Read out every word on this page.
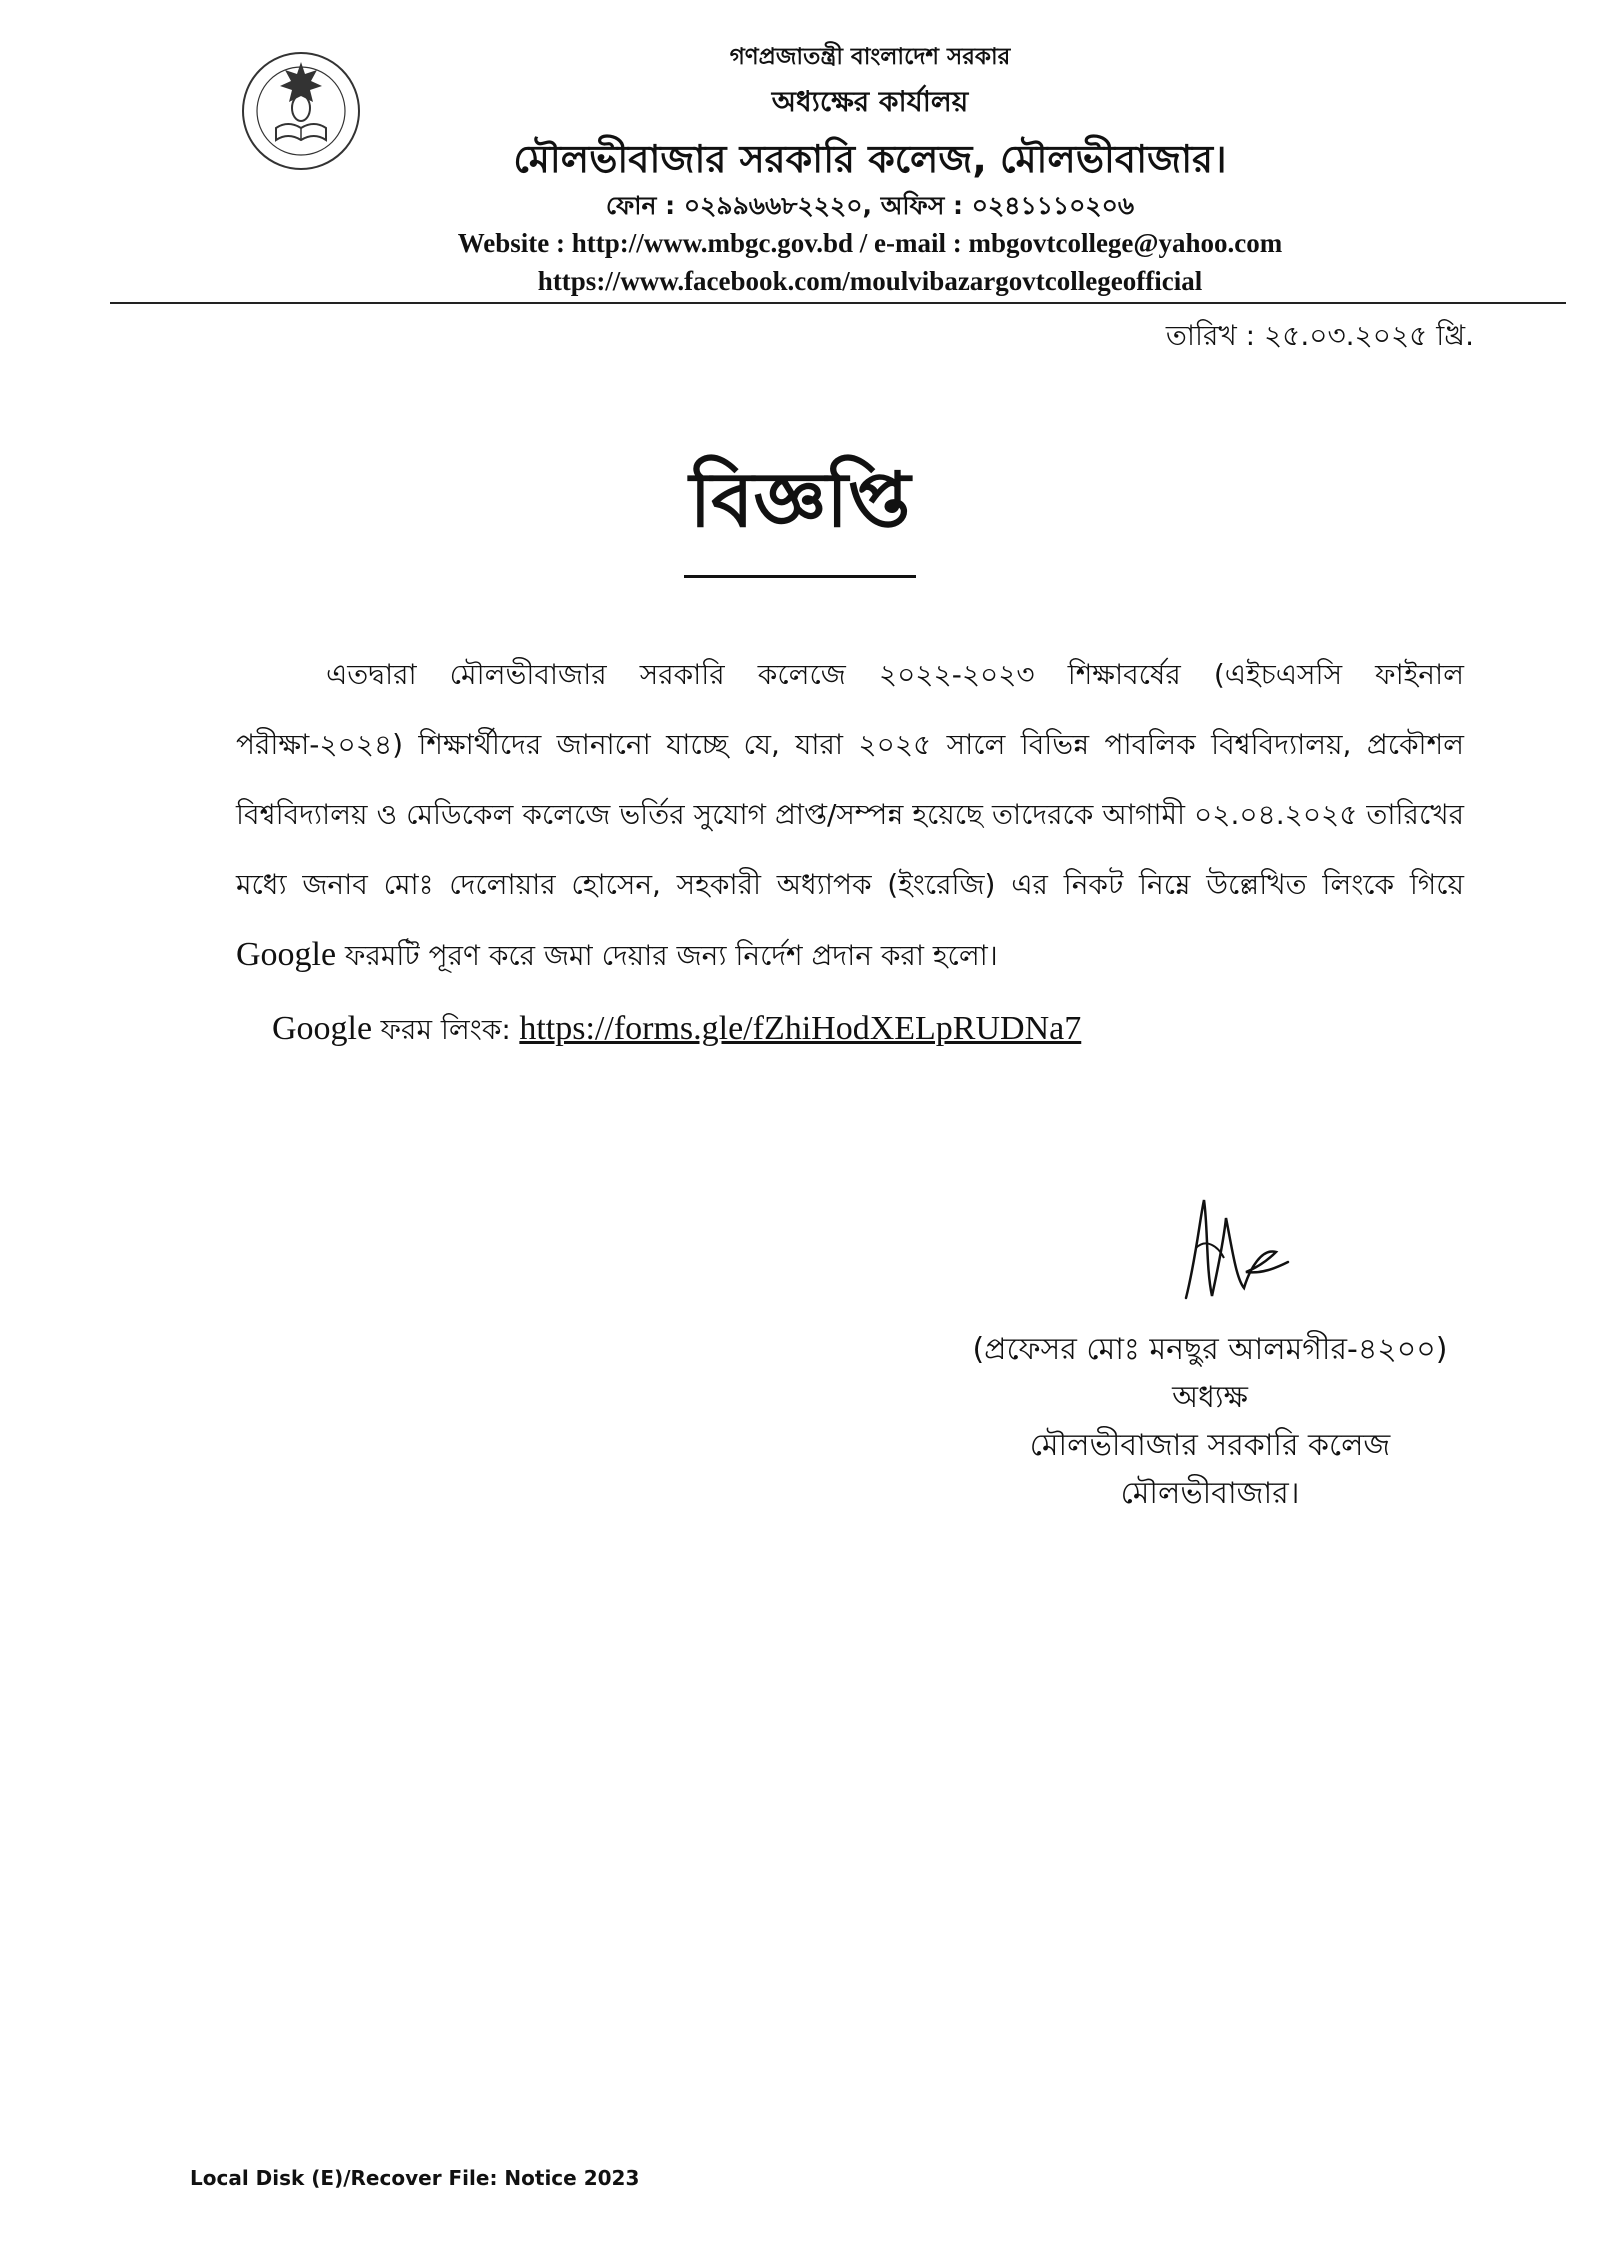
গণপ্রজাতন্ত্রী বাংলাদেশ সরকার
অধ্যক্ষের কার্যালয়
মৌলভীবাজার সরকারি কলেজ, মৌলভীবাজার।
ফোন : ০২৯৯৬৬৮২২২০, অফিস : ০২৪১১১০২০৬
Website : http://www.mbgc.gov.bd / e-mail : mbgovtcollege@yahoo.com
https://www.facebook.com/moulvibazargovtcollegeofficial
তারিখ : ২৫.০৩.২০২৫ খ্রি.
বিজ্ঞপ্তি
এতদ্বারা মৌলভীবাজার সরকারি কলেজে ২০২২-২০২৩ শিক্ষাবর্ষের (এইচএসসি ফাইনাল পরীক্ষা-২০২৪) শিক্ষার্থীদের জানানো যাচ্ছে যে, যারা ২০২৫ সালে বিভিন্ন পাবলিক বিশ্ববিদ্যালয়, প্রকৌশল বিশ্ববিদ্যালয় ও মেডিকেল কলেজে ভর্তির সুযোগ প্রাপ্ত/সম্পন্ন হয়েছে তাদেরকে আগামী ০২.০৪.২০২৫ তারিখের মধ্যে জনাব মোঃ দেলোয়ার হোসেন, সহকারী অধ্যাপক (ইংরেজি) এর নিকট নিম্নে উল্লেখিত লিংকে গিয়ে Google ফরমটি পূরণ করে জমা দেয়ার জন্য নির্দেশ প্রদান করা হলো।
Google ফরম লিংক: https://forms.gle/fZhiHodXELpRUDNa7
(প্রফেসর মোঃ মনছুর আলমগীর-৪২০০)
অধ্যক্ষ
মৌলভীবাজার সরকারি কলেজ
মৌলভীবাজার।
Local Disk (E)/Recover File: Notice 2023
